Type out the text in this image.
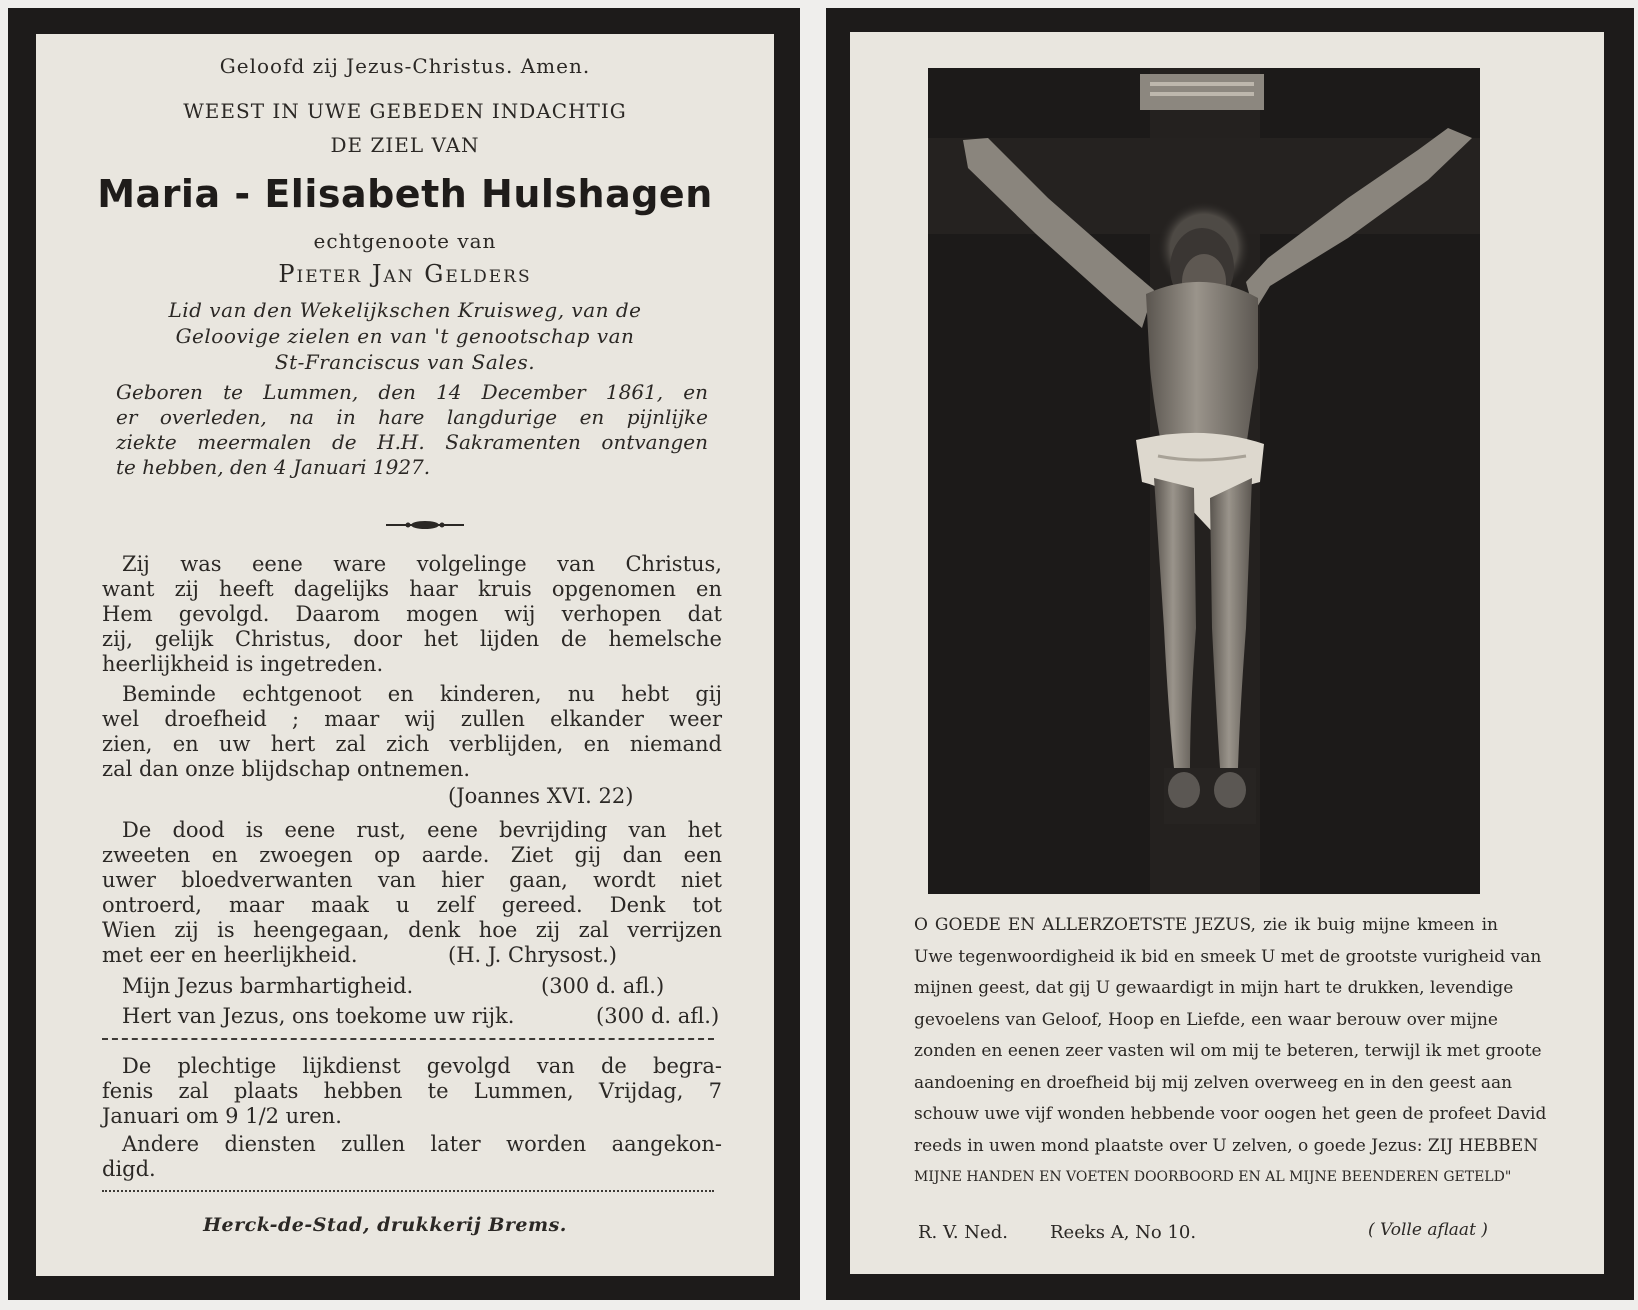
Geloofd zij Jezus-Christus. Amen.
WEEST IN UWE GEBEDEN INDACHTIG
DE ZIEL VAN
Maria - Elisabeth Hulshagen
echtgenoote van
Pieter Jan Gelders
Lid van den Wekelijkschen Kruisweg, van de
Geloovige zielen en van 't genootschap van
St-Franciscus van Sales.
Geboren te Lummen, den 14 December 1861, en
er overleden, na in hare langdurige en pijnlijke
ziekte meermalen de H.H. Sakramenten ontvangen
te hebben, den 4 Januari 1927.
Zij was eene ware volgelinge van Christus,
want zij heeft dagelijks haar kruis opgenomen en
Hem gevolgd. Daarom mogen wij verhopen dat
zij, gelijk Christus, door het lijden de hemelsche
heerlijkheid is ingetreden.
Beminde echtgenoot en kinderen, nu hebt gij
wel droefheid ; maar wij zullen elkander weer
zien, en uw hert zal zich verblijden, en niemand
zal dan onze blijdschap ontnemen.
(Joannes XVI. 22)
De dood is eene rust, eene bevrijding van het
zweeten en zwoegen op aarde. Ziet gij dan een
uwer bloedverwanten van hier gaan, wordt niet
ontroerd, maar maak u zelf gereed. Denk tot
Wien zij is heengegaan, denk hoe zij zal verrijzen
met eer en heerlijkheid.	(H. J. Chrysost.)
Mijn Jezus barmhartigheid.	(300 d. afl.)
Hert van Jezus, ons toekome uw rijk.	(300 d. afl.)
De plechtige lijkdienst gevolgd van de begra-
fenis zal plaats hebben te Lummen, Vrijdag, 7
Januari om 9 1/2 uren.
Andere diensten zullen later worden aangekon-
digd.
Herck-de-Stad, drukkerij Brems.
O GOEDE EN ALLERZOETSTE JEZUS, zie ik buig mijne kmeen in
Uwe tegenwoordigheid ik bid en smeek U met de grootste vurigheid van
mijnen geest, dat gij U gewaardigt in mijn hart te drukken, levendige
gevoelens van Geloof, Hoop en Liefde, een waar berouw over mijne
zonden en eenen zeer vasten wil om mij te beteren, terwijl ik met groote
aandoening en droefheid bij mij zelven overweeg en in den geest aan
schouw uwe vijf wonden hebbende voor oogen het geen de profeet David
reeds in uwen mond plaatste over U zelven, o goede Jezus: ZIJ HEBBEN
MIJNE HANDEN EN VOETEN DOORBOORD EN AL MIJNE BEENDEREN GETELD"
R. V. Ned. Reeks A, No 10.	( Volle aflaat )
